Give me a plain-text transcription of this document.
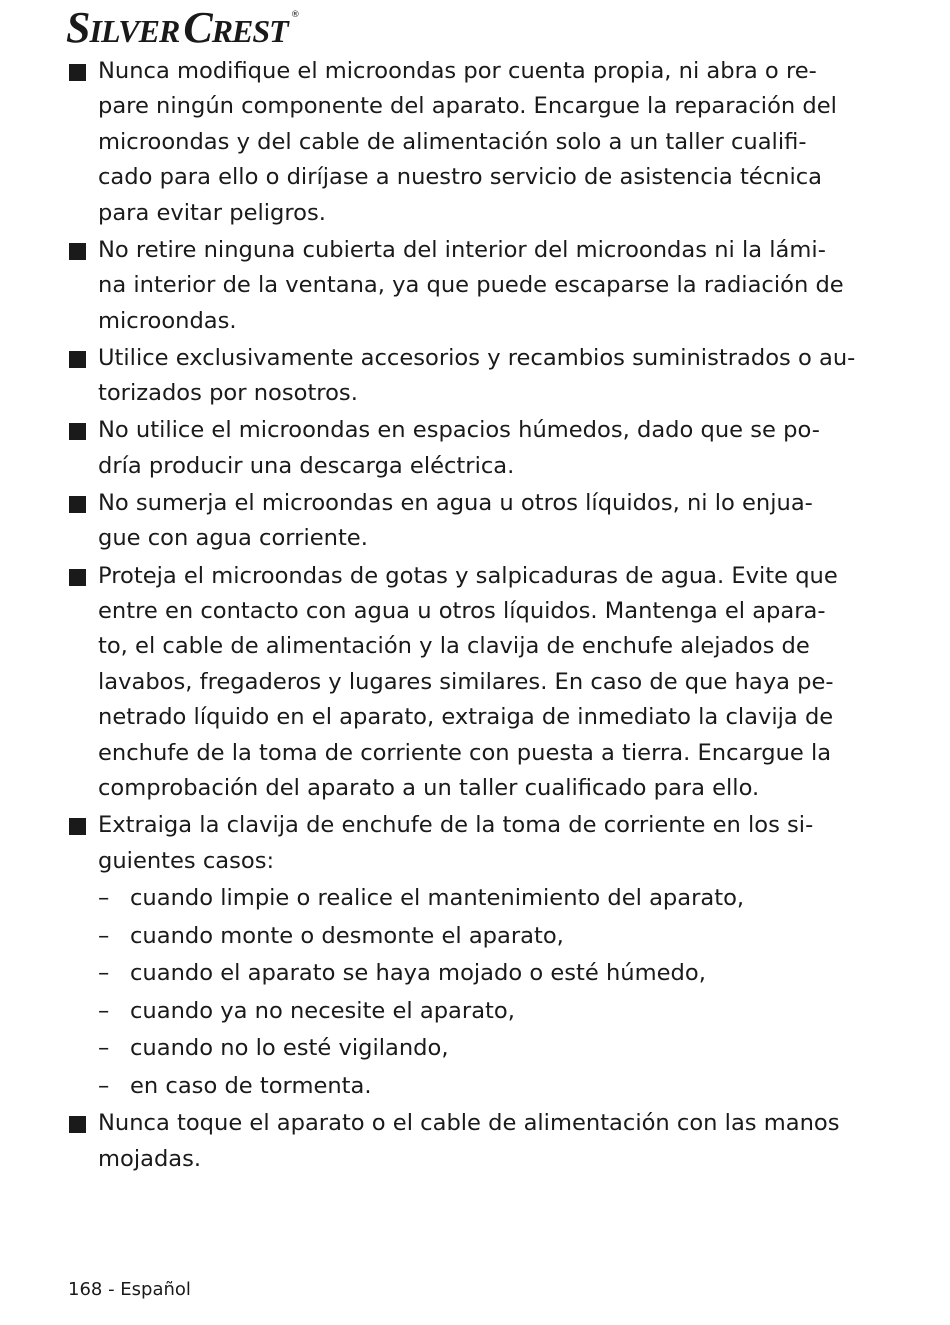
SILVERCREST ®

Nunca modifique el microondas por cuenta propia, ni abra o re-
pare ningún componente del aparato. Encargue la reparación del
microondas y del cable de alimentación solo a un taller cualifi-
cado para ello o diríjase a nuestro servicio de asistencia técnica
para evitar peligros.

No retire ninguna cubierta del interior del microondas ni la lámi-
na interior de la ventana, ya que puede escaparse la radiación de
microondas.

Utilice exclusivamente accesorios y recambios suministrados o au-
torizados por nosotros.

No utilice el microondas en espacios húmedos, dado que se po-
dría producir una descarga eléctrica.

No sumerja el microondas en agua u otros líquidos, ni lo enjua-
gue con agua corriente.

Proteja el microondas de gotas y salpicaduras de agua. Evite que
entre en contacto con agua u otros líquidos. Mantenga el apara-
to, el cable de alimentación y la clavija de enchufe alejados de
lavabos, fregaderos y lugares similares. En caso de que haya pe-
netrado líquido en el aparato, extraiga de inmediato la clavija de
enchufe de la toma de corriente con puesta a tierra. Encargue la
comprobación del aparato a un taller cualificado para ello.

Extraiga la clavija de enchufe de la toma de corriente en los si-
guientes casos:

– cuando limpie o realice el mantenimiento del aparato,
– cuando monte o desmonte el aparato,
– cuando el aparato se haya mojado o esté húmedo,
– cuando ya no necesite el aparato,
– cuando no lo esté vigilando,
– en caso de tormenta.

Nunca toque el aparato o el cable de alimentación con las manos
mojadas.

168 - Español
